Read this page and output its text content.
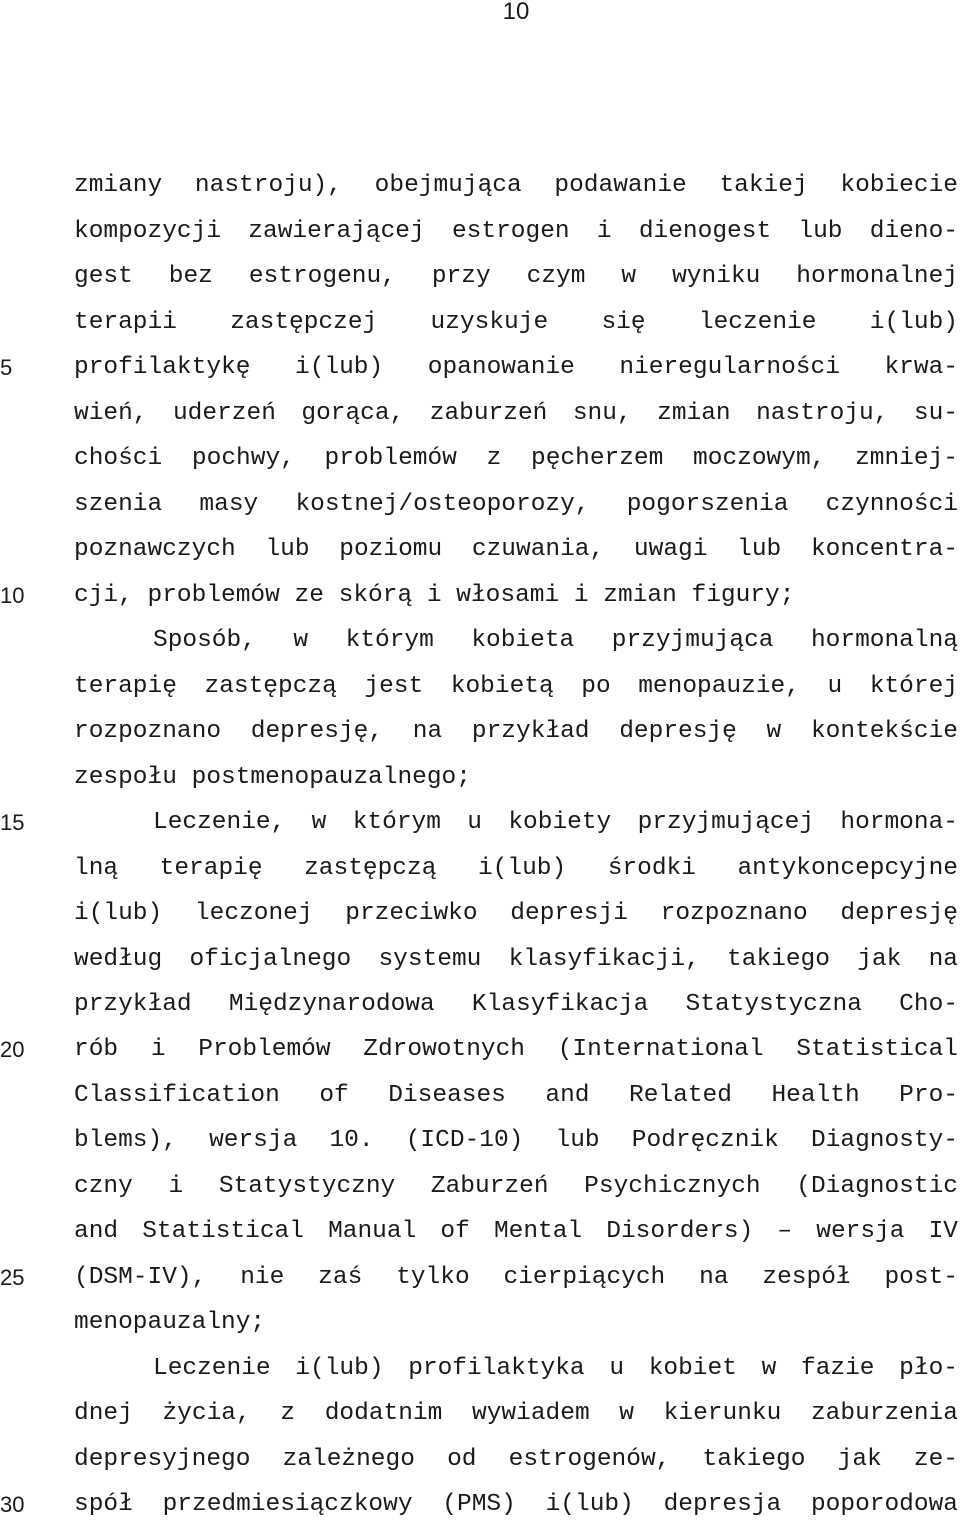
10
5
10
15
20
25
30
zmiany nastroju), obejmująca podawanie takiej kobiecie
kompozycji zawierającej estrogen i dienogest lub dieno-
gest bez estrogenu, przy czym w wyniku hormonalnej
terapii zastępczej uzyskuje się leczenie i(lub)
profilaktykę i(lub) opanowanie nieregularności krwa-
wień, uderzeń gorąca, zaburzeń snu, zmian nastroju, su-
chości pochwy, problemów z pęcherzem moczowym, zmniej-
szenia masy kostnej/osteoporozy, pogorszenia czynności
poznawczych lub poziomu czuwania, uwagi lub koncentra-
cji, problemów ze skórą i włosami i zmian figury;
Sposób, w którym kobieta przyjmująca hormonalną
terapię zastępczą jest kobietą po menopauzie, u której
rozpoznano depresję, na przykład depresję w kontekście
zespołu postmenopauzalnego;
Leczenie, w którym u kobiety przyjmującej hormona-
lną terapię zastępczą i(lub) środki antykoncepcyjne
i(lub) leczonej przeciwko depresji rozpoznano depresję
według oficjalnego systemu klasyfikacji, takiego jak na
przykład Międzynarodowa Klasyfikacja Statystyczna Cho-
rób i Problemów Zdrowotnych (International Statistical
Classification of Diseases and Related Health Pro-
blems), wersja 10. (ICD-10) lub Podręcznik Diagnosty-
czny i Statystyczny Zaburzeń Psychicznych (Diagnostic
and Statistical Manual of Mental Disorders) – wersja IV
(DSM-IV), nie zaś tylko cierpiących na zespół post-
menopauzalny;
Leczenie i(lub) profilaktyka u kobiet w fazie pło-
dnej życia, z dodatnim wywiadem w kierunku zaburzenia
depresyjnego zależnego od estrogenów, takiego jak ze-
spół przedmiesiączkowy (PMS) i(lub) depresja poporodowa
